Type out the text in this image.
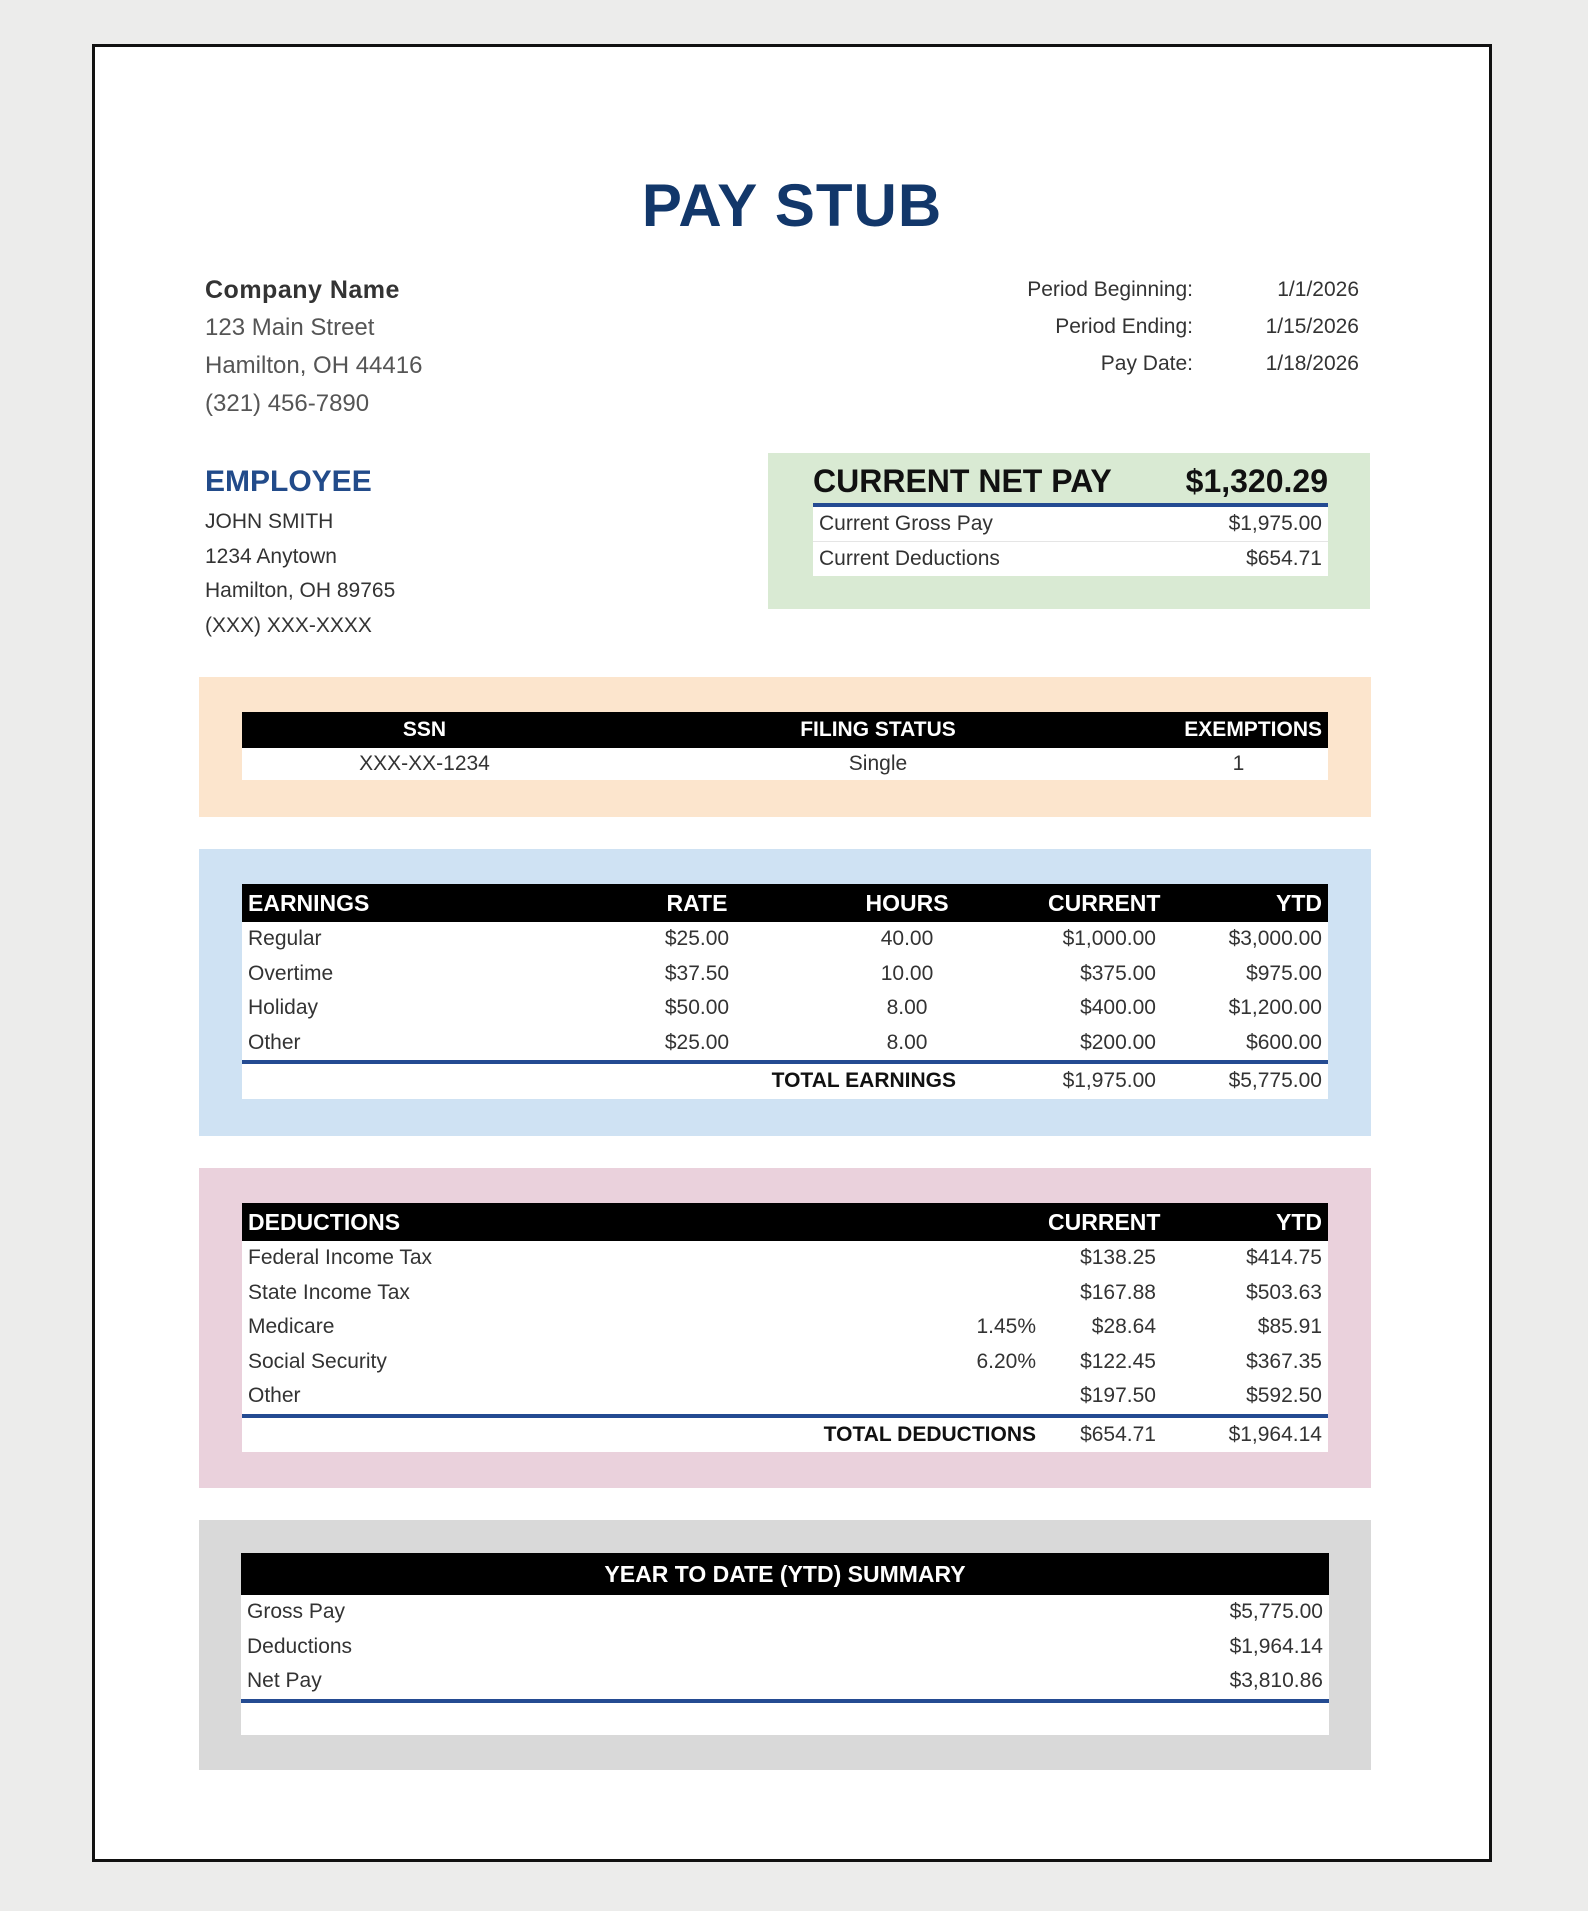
PAY STUB
Company Name
123 Main Street
Hamilton, OH 44416
(321) 456-7890
Period Beginning:	1/1/2026
Period Ending:	1/15/2026
Pay Date:	1/18/2026
EMPLOYEE
JOHN SMITH
1234 Anytown
Hamilton, OH 89765
(XXX) XXX-XXXX
CURRENT NET PAY $1,320.29
Current Gross Pay	$1,975.00
Current Deductions	$654.71
SSN	FILING STATUS	EXEMPTIONS
XXX-XX-1234	Single	1
EARNINGS	RATE	HOURS	CURRENT	YTD
Regular	$25.00	40.00	$1,000.00	$3,000.00
Overtime	$37.50	10.00	$375.00	$975.00
Holiday	$50.00	8.00	$400.00	$1,200.00
Other	$25.00	8.00	$200.00	$600.00
TOTAL EARNINGS	$1,975.00	$5,775.00
DEDUCTIONS	CURRENT	YTD
Federal Income Tax	$138.25	$414.75
State Income Tax	$167.88	$503.63
Medicare	1.45%	$28.64	$85.91
Social Security	6.20%	$122.45	$367.35
Other	$197.50	$592.50
TOTAL DEDUCTIONS	$654.71	$1,964.14
YEAR TO DATE (YTD) SUMMARY
Gross Pay	$5,775.00
Deductions	$1,964.14
Net Pay	$3,810.86
